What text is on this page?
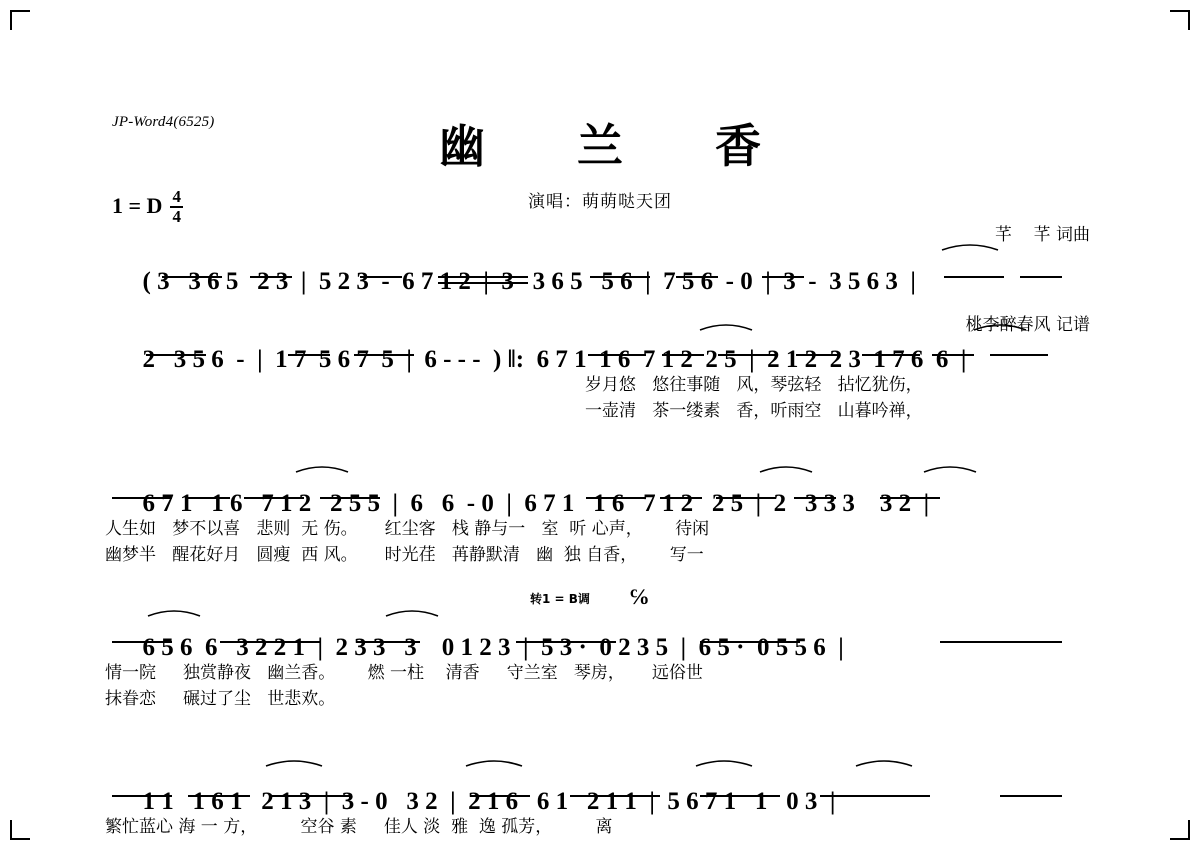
JP-Word4(6525)	幽 兰 香
演唱：萌萌哒天团

芊    芊 词曲

桃李醉春风 记谱

1 = D $\frac{4}{4}$

( 3   3 6 5   2 3  |  5 2 3  -  6 7 1 2  |  3   3 6 5   5 6  |  7 5 6  - 0  |  3  -  3 5 6 3  |

2   3 5 6  -  |  1 7  5 6 7  5  |  6 - - -  ) ‖:  6 7 1  1 6  7 1 2  2 5  |  2 1 2  2 3  1 7 6  6  |

岁月悠   悠往事随   风，琴弦轻   拈忆犹伤，
一壶清   茶一缕素   香，听雨空   山暮吟禅，

6 7 1   1 6   7 1 2   2 5 5  |  6   6  - 0  |  6 7 1   1 6   7 1 2   2 5  |  2   3 3 3    3 2  |

人生如   梦不以喜   悲则  无 伤。     红尘客   栈 静与一   室  听 心声，      待闲
幽梦半   醒花好月   圆瘦  西 风。     时光荏   苒静默清   幽  独 自香，      写一
转1 = B调 ℅

6 5 6  6   3 2 2 1  |  2 3 3   3    0 1 2 3  |  5 3 ·  0 2 3 5  |  6 5 ·  0 5 5 6  |

情一院     独赏静夜   幽兰香。      燃 一柱    清香     守兰室   琴房，     远俗世
抹眷恋     碾过了尘   世悲欢。

1 1   1 6 1   2 1 3  |  3 - 0   3 2  |  2 1 6   6 1   2 1 1  |  5 6 7 1   1   0 3  |

繁忙蓝心 海 一 方，        空谷 素     佳人 淡  雅  逸 孤芳，        离
